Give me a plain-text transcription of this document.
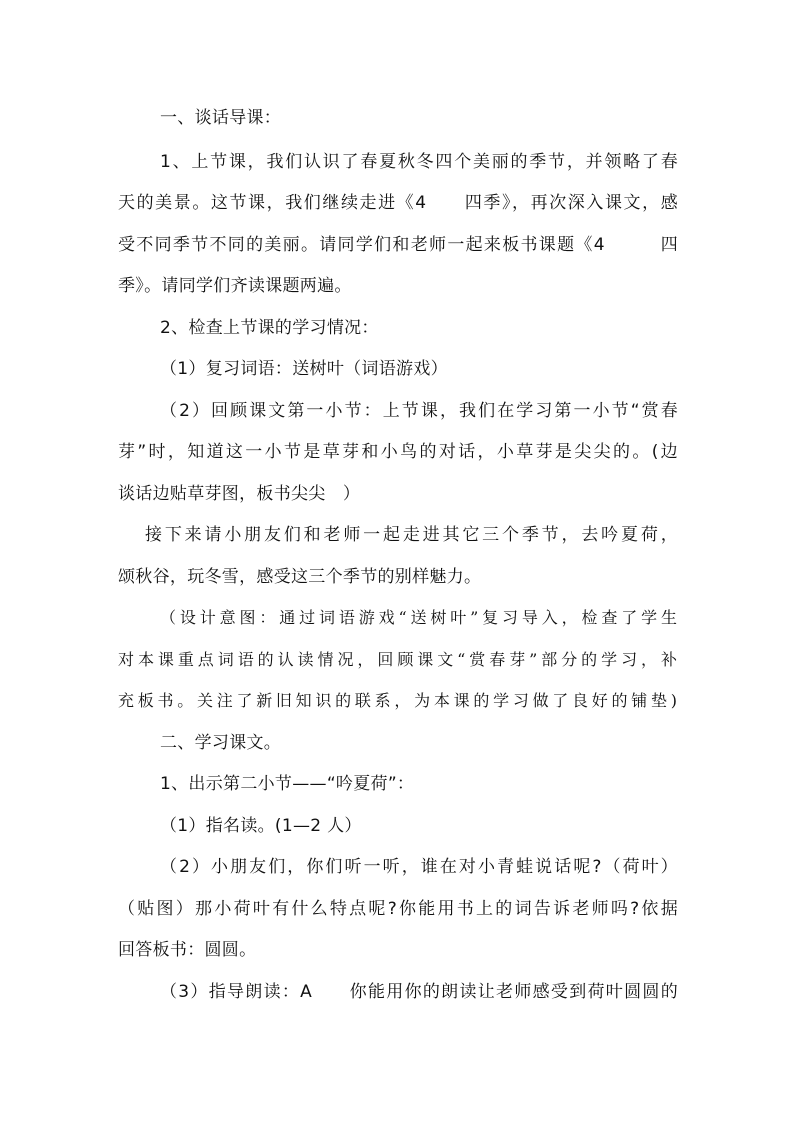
一、谈话导课：
1、上节课，我们认识了春夏秋冬四个美丽的季节，并领略了春
天的美景。这节课，我们继续走进《4　　四季》，再次深入课文，感
受不同季节不同的美丽。请同学们和老师一起来板书课题《4　　　四
季》。请同学们齐读课题两遍。
2、检查上节课的学习情况：
（1）复习词语：送树叶（词语游戏）
（2）回顾课文第一小节：上节课，我们在学习第一小节“赏春
芽”时，知道这一小节是草芽和小鸟的对话，小草芽是尖尖的。(边
谈话边贴草芽图，板书尖尖　）
接下来请小朋友们和老师一起走进其它三个季节，去吟夏荷，
颂秋谷，玩冬雪，感受这三个季节的别样魅力。
（设计意图：通过词语游戏“送树叶”复习导入，检查了学生
对本课重点词语的认读情况，回顾课文“赏春芽”部分的学习，补
充板书。关注了新旧知识的联系，为本课的学习做了良好的铺垫)
二、学习课文。
1、出示第二小节——“吟夏荷”：
（1）指名读。(1—2 人）
（2）小朋友们，你们听一听，谁在对小青蛙说话呢?（荷叶）
（贴图）那小荷叶有什么特点呢?你能用书上的词告诉老师吗?依据
回答板书：圆圆。
（3）指导朗读：A　　你能用你的朗读让老师感受到荷叶圆圆的
